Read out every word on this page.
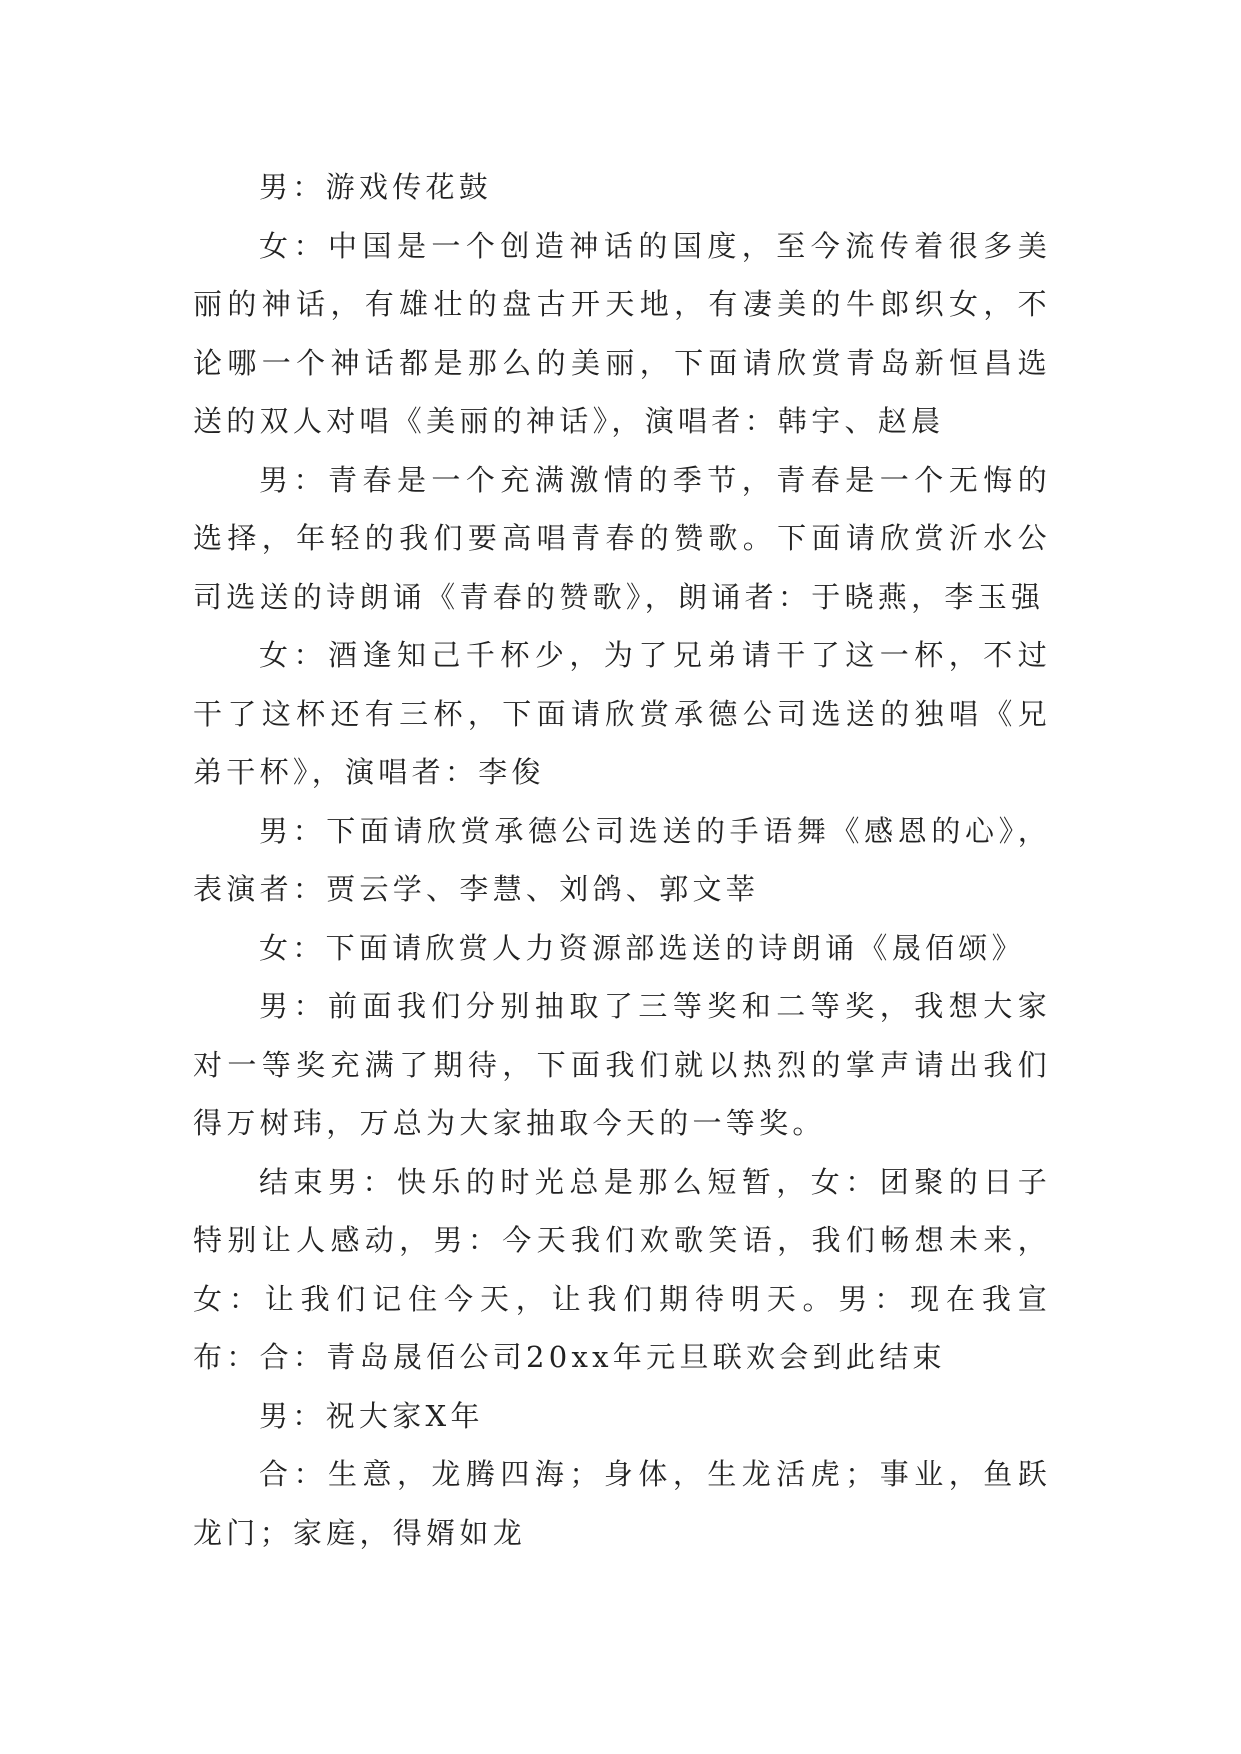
男：游戏传花鼓

女：中国是一个创造神话的国度，至今流传着很多美丽的神话，有雄壮的盘古开天地，有凄美的牛郎织女，不论哪一个神话都是那么的美丽，下面请欣赏青岛新恒昌选送的双人对唱《美丽的神话》，演唱者：韩宇、赵晨

男：青春是一个充满激情的季节，青春是一个无悔的选择，年轻的我们要高唱青春的赞歌。下面请欣赏沂水公司选送的诗朗诵《青春的赞歌》，朗诵者：于晓燕，李玉强

女：酒逢知己千杯少，为了兄弟请干了这一杯，不过干了这杯还有三杯，下面请欣赏承德公司选送的独唱《兄弟干杯》，演唱者：李俊

男：下面请欣赏承德公司选送的手语舞《感恩的心》，表演者：贾云学、李慧、刘鸽、郭文莘

女：下面请欣赏人力资源部选送的诗朗诵《晟佰颂》

男：前面我们分别抽取了三等奖和二等奖，我想大家对一等奖充满了期待，下面我们就以热烈的掌声请出我们得万树玮，万总为大家抽取今天的一等奖。

结束男：快乐的时光总是那么短暂，女：团聚的日子特别让人感动，男：今天我们欢歌笑语，我们畅想未来，女：让我们记住今天，让我们期待明天。男：现在我宣布：合：青岛晟佰公司20xx年元旦联欢会到此结束

男：祝大家X年

合：生意，龙腾四海；身体，生龙活虎；事业，鱼跃龙门；家庭，得婿如龙
